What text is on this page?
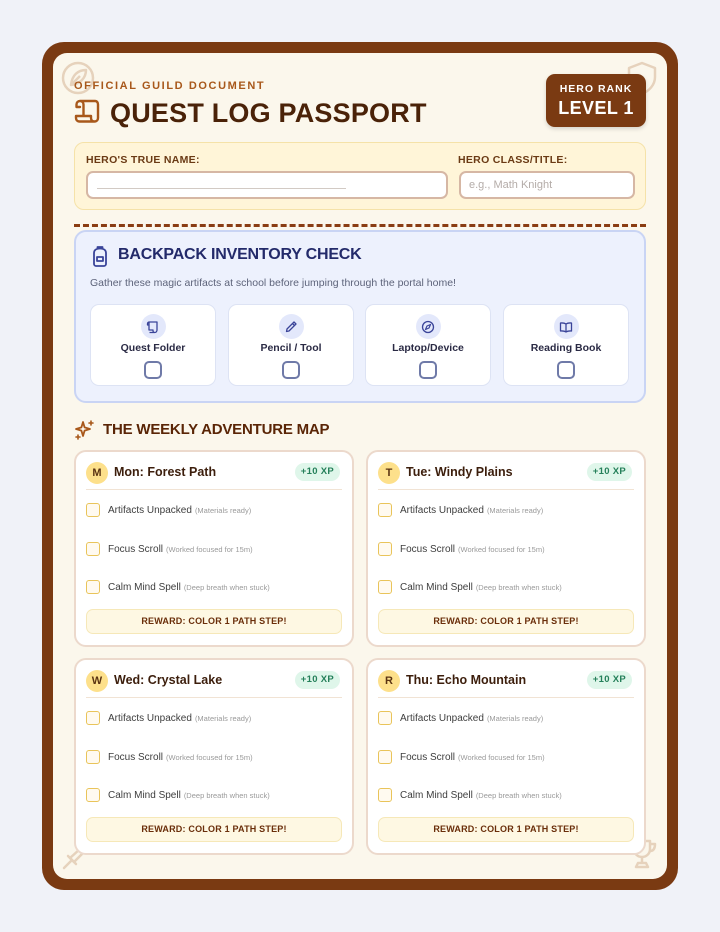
OFFICIAL GUILD DOCUMENT
QUEST LOG PASSPORT
HERO RANK
LEVEL 1
HERO'S TRUE NAME:	HERO CLASS/TITLE:
e.g., Math Knight
BACKPACK INVENTORY CHECK
Gather these magic artifacts at school before jumping through the portal home!
Quest Folder	Pencil / Tool	Laptop/Device	Reading Book
THE WEEKLY ADVENTURE MAP
M Mon: Forest Path	+10 XP
Artifacts Unpacked (Materials ready)
Focus Scroll (Worked focused for 15m)
Calm Mind Spell (Deep breath when stuck)
REWARD: COLOR 1 PATH STEP!
T	Tue: Windy Plains	+10 XP
Artifacts Unpacked (Materials ready)
Focus Scroll (Worked focused for 15m)
Calm Mind Spell (Deep breath when stuck)
REWARD: COLOR 1 PATH STEP!
W Wed: Crystal Lake	+10 XP
Artifacts Unpacked (Materials ready)
Focus Scroll (Worked focused for 15m)
Calm Mind Spell (Deep breath when stuck)
REWARD: COLOR 1 PATH STEP!
R	Thu: Echo Mountain	+10 XP
Artifacts Unpacked (Materials ready)
Focus Scroll (Worked focused for 15m)
Calm Mind Spell (Deep breath when stuck)
REWARD: COLOR 1 PATH STEP!
